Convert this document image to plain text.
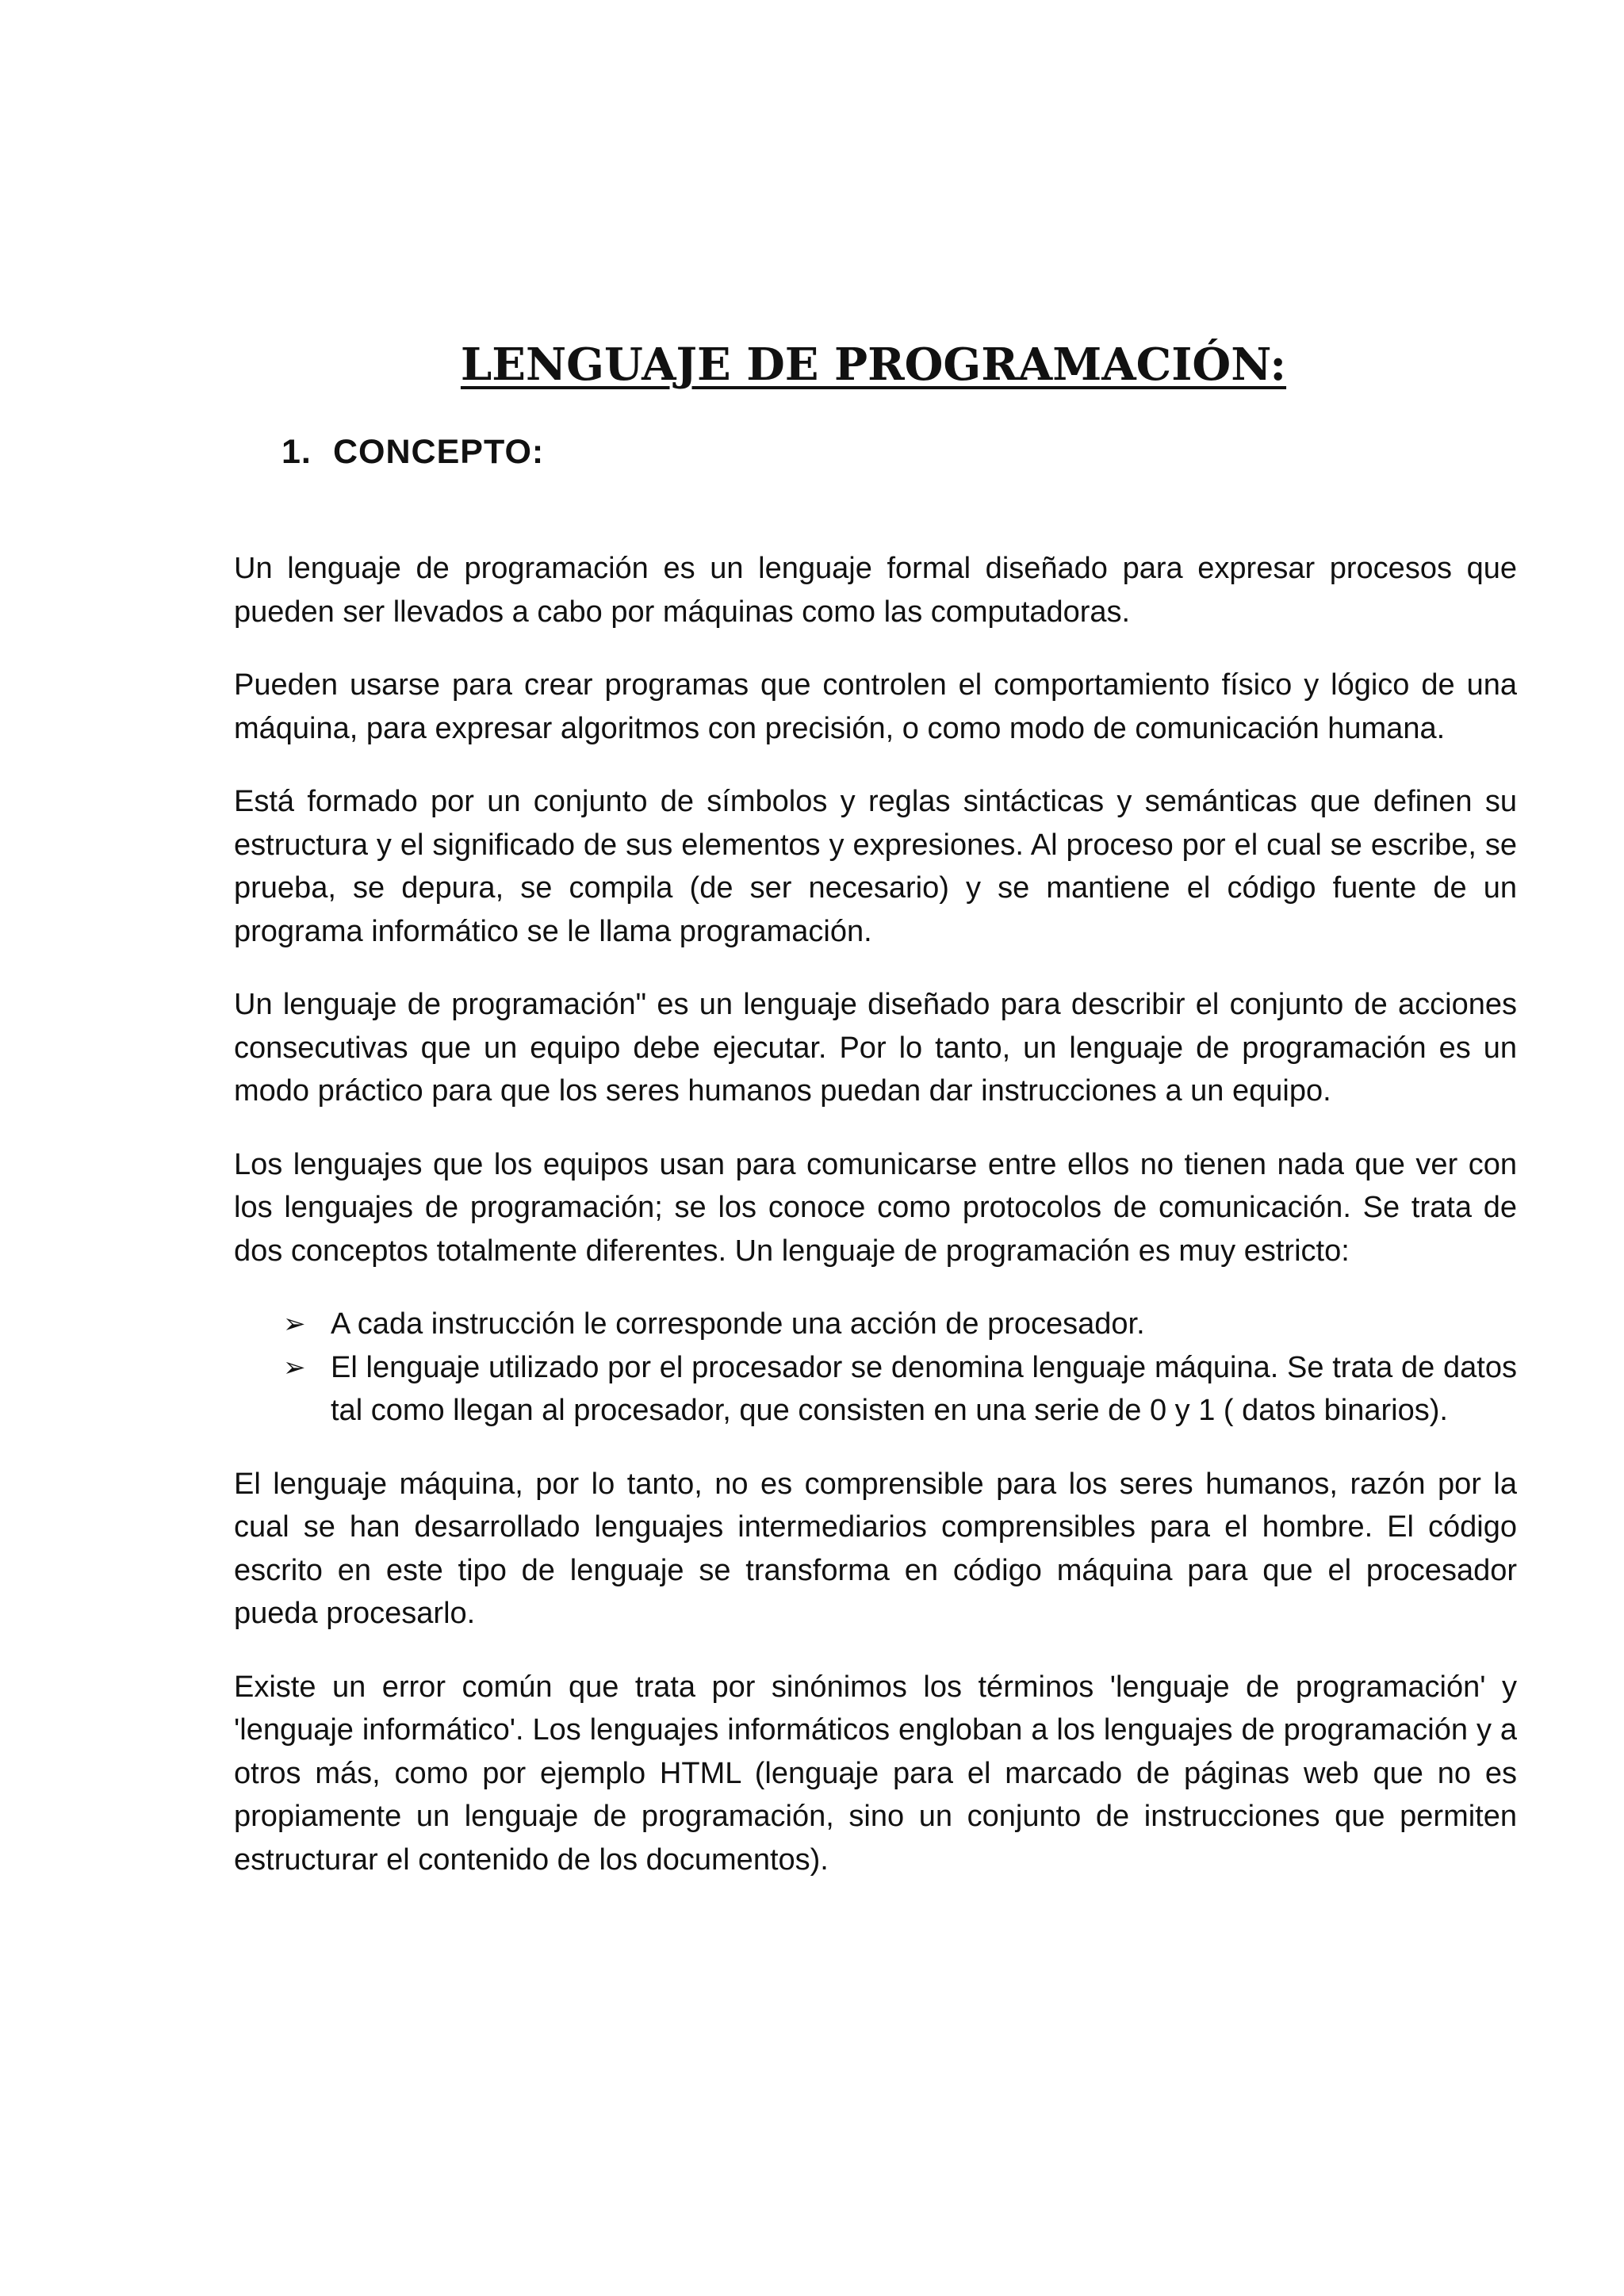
LENGUAJE DE PROGRAMACIÓN:
1. CONCEPTO:

Un lenguaje de programación es un lenguaje formal diseñado para expresar procesos que pueden ser llevados a cabo por máquinas como las computadoras.

Pueden usarse para crear programas que controlen el comportamiento físico y lógico de una máquina, para expresar algoritmos con precisión, o como modo de comunicación humana.

Está formado por un conjunto de símbolos y reglas sintácticas y semánticas que definen su estructura y el significado de sus elementos y expresiones. Al proceso por el cual se escribe, se prueba, se depura, se compila (de ser necesario) y se mantiene el código fuente de un programa informático se le llama programación.

Un lenguaje de programación" es un lenguaje diseñado para describir el conjunto de acciones consecutivas que un equipo debe ejecutar. Por lo tanto, un lenguaje de programación es un modo práctico para que los seres humanos puedan dar instrucciones a un equipo.

Los lenguajes que los equipos usan para comunicarse entre ellos no tienen nada que ver con los lenguajes de programación; se los conoce como protocolos de comunicación. Se trata de dos conceptos totalmente diferentes. Un lenguaje de programación es muy estricto:

➢ A cada instrucción le corresponde una acción de procesador.
➢ El lenguaje utilizado por el procesador se denomina lenguaje máquina. Se trata de datos tal como llegan al procesador, que consisten en una serie de 0 y 1 ( datos binarios).

El lenguaje máquina, por lo tanto, no es comprensible para los seres humanos, razón por la cual se han desarrollado lenguajes intermediarios comprensibles para el hombre. El código escrito en este tipo de lenguaje se transforma en código máquina para que el procesador pueda procesarlo.

Existe un error común que trata por sinónimos los términos 'lenguaje de programación' y 'lenguaje informático'. Los lenguajes informáticos engloban a los lenguajes de programación y a otros más, como por ejemplo HTML (lenguaje para el marcado de páginas web que no es propiamente un lenguaje de programación, sino un conjunto de instrucciones que permiten estructurar el contenido de los documentos).
